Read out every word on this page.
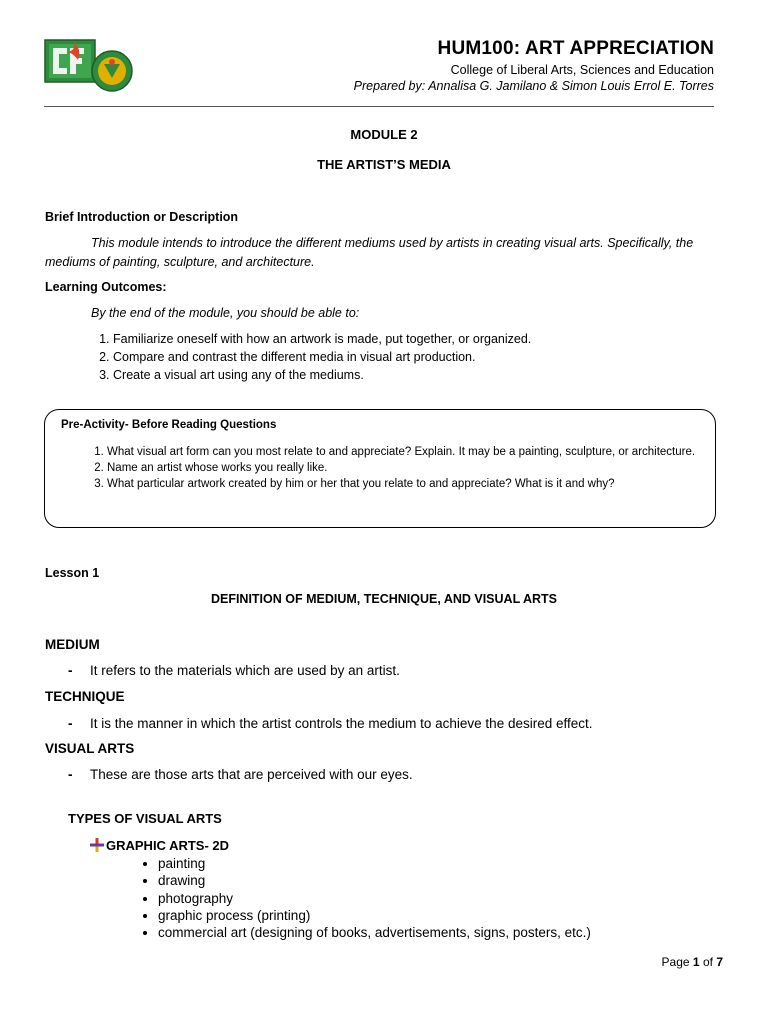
HUM100: ART APPRECIATION
College of Liberal Arts, Sciences and Education
Prepared by: Annalisa G. Jamilano & Simon Louis Errol E. Torres
MODULE 2
THE ARTIST’S MEDIA
Brief Introduction or Description
This module intends to introduce the different mediums used by artists in creating visual arts. Specifically, the mediums of painting, sculpture, and architecture.
Learning Outcomes:
By the end of the module, you should be able to:
1. Familiarize oneself with how an artwork is made, put together, or organized.
2. Compare and contrast the different media in visual art production.
3. Create a visual art using any of the mediums.
Pre-Activity- Before Reading Questions
1. What visual art form can you most relate to and appreciate? Explain. It may be a painting, sculpture, or architecture.
2. Name an artist whose works you really like.
3. What particular artwork created by him or her that you relate to and appreciate? What is it and why?
Lesson 1
DEFINITION OF MEDIUM, TECHNIQUE, AND VISUAL ARTS
MEDIUM
- It refers to the materials which are used by an artist.
TECHNIQUE
- It is the manner in which the artist controls the medium to achieve the desired effect.
VISUAL ARTS
- These are those arts that are perceived with our eyes.
TYPES OF VISUAL ARTS
GRAPHIC ARTS- 2D
• painting
• drawing
• photography
• graphic process (printing)
• commercial art (designing of books, advertisements, signs, posters, etc.)
Page 1 of 7
